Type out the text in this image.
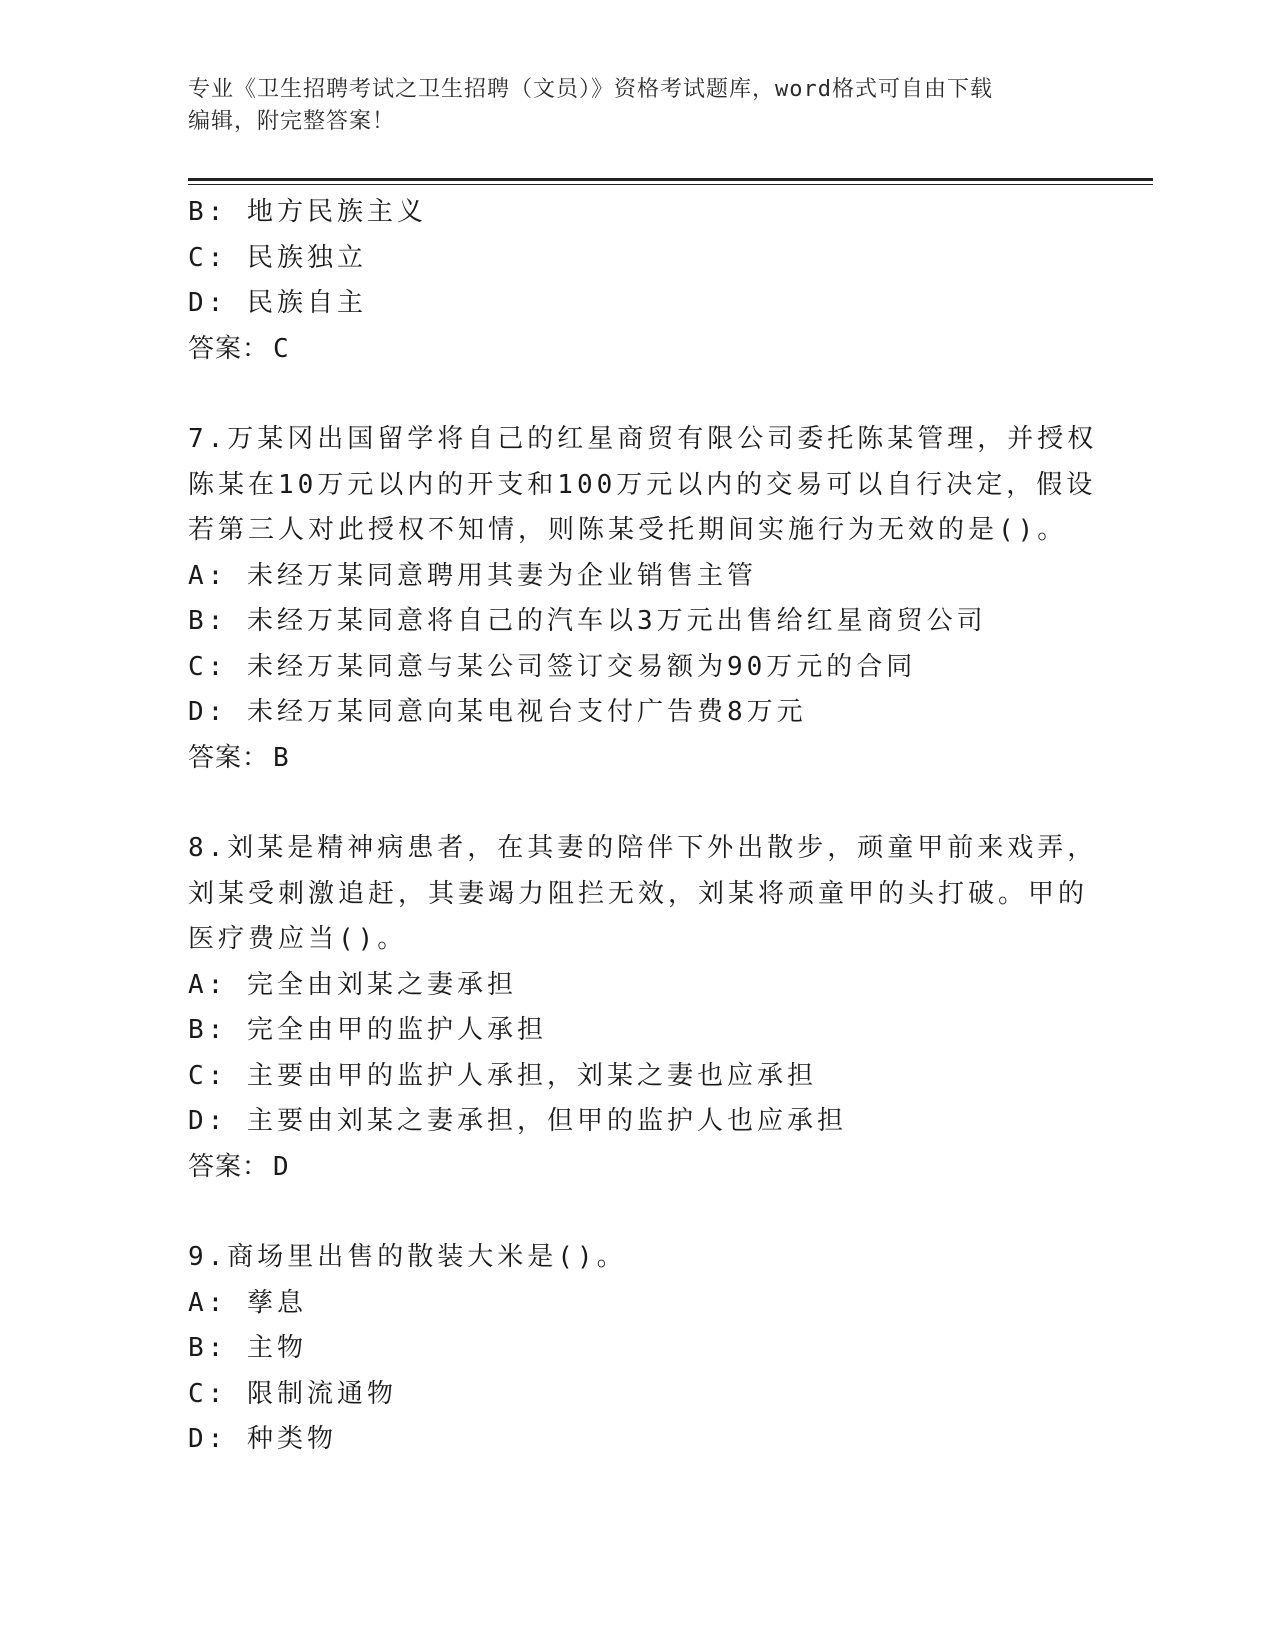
专业《卫生招聘考试之卫生招聘（文员）》资格考试题库，word格式可自由下载
编辑，附完整答案！
B: 地方民族主义
C: 民族独立
D: 民族自主
答案： C
7.万某冈出国留学将自己的红星商贸有限公司委托陈某管理，并授权
陈某在10万元以内的开支和100万元以内的交易可以自行决定，假设
若第三人对此授权不知情，则陈某受托期间实施行为无效的是()。
A: 未经万某同意聘用其妻为企业销售主管
B: 未经万某同意将自己的汽车以3万元出售给红星商贸公司
C: 未经万某同意与某公司签订交易额为90万元的合同
D: 未经万某同意向某电视台支付广告费8万元
答案： B
8.刘某是精神病患者，在其妻的陪伴下外出散步，顽童甲前来戏弄，
刘某受刺激追赶，其妻竭力阻拦无效，刘某将顽童甲的头打破。甲的
医疗费应当()。
A: 完全由刘某之妻承担
B: 完全由甲的监护人承担
C: 主要由甲的监护人承担，刘某之妻也应承担
D: 主要由刘某之妻承担，但甲的监护人也应承担
答案： D
9.商场里出售的散装大米是()。
A: 孳息
B: 主物
C: 限制流通物
D: 种类物
